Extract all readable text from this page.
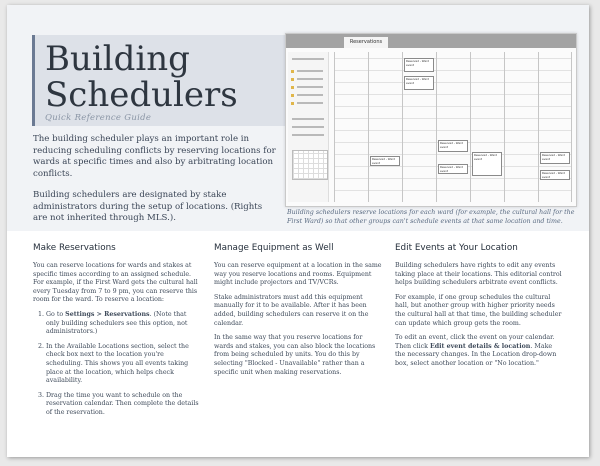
Building
Schedulers
Quick Reference Guide

The building scheduler plays an important role in reducing scheduling conflicts by reserving locations for wards at specific times and also by arbitrating location conflicts.

Building schedulers are designated by stake administrators during the setup of locations. (Rights are not inherited through MLS.).

Reservations
Reserved - Ward event
Reserved - Ward event
Reserved - Ward event
Reserved - Ward event
Reserved - Ward event
Reserved - Ward event
Reserved - Ward event
Reserved - Ward event

Building schedulers reserve locations for each ward (for example, the cultural hall for the First Ward) so that other groups can't schedule events at that same location and time.

Make Reservations

You can reserve locations for wards and stakes at specific times according to an assigned schedule. For example, if the First Ward gets the cultural hall every Tuesday from 7 to 9 pm, you can reserve this room for the ward. To reserve a location:

1. Go to Settings > Reservations. (Note that only building schedulers see this option, not administrators.)
2. In the Available Locations section, select the check box next to the location you're scheduling. This shows you all events taking place at the location, which helps check availability.
3. Drag the time you want to schedule on the reservation calendar. Then complete the details of the reservation.
Manage Equipment as Well

You can reserve equipment at a location in the same way you reserve locations and rooms. Equipment might include projectors and TV/VCRs.

Stake administrators must add this equipment manually for it to be available. After it has been added, building schedulers can reserve it on the calendar.

In the same way that you reserve locations for wards and stakes, you can also block the locations from being scheduled by units. You do this by selecting "Blocked - Unavailable" rather than a specific unit when making reservations.

Edit Events at Your Location

Building schedulers have rights to edit any events taking place at their locations. This editorial control helps building schedulers arbitrate event conflicts.

For example, if one group schedules the cultural hall, but another group with higher priority needs the cultural hall at that time, the building scheduler can update which group gets the room.

To edit an event, click the event on your calendar. Then click Edit event details & location. Make the necessary changes. In the Location drop-down box, select another location or "No location."
